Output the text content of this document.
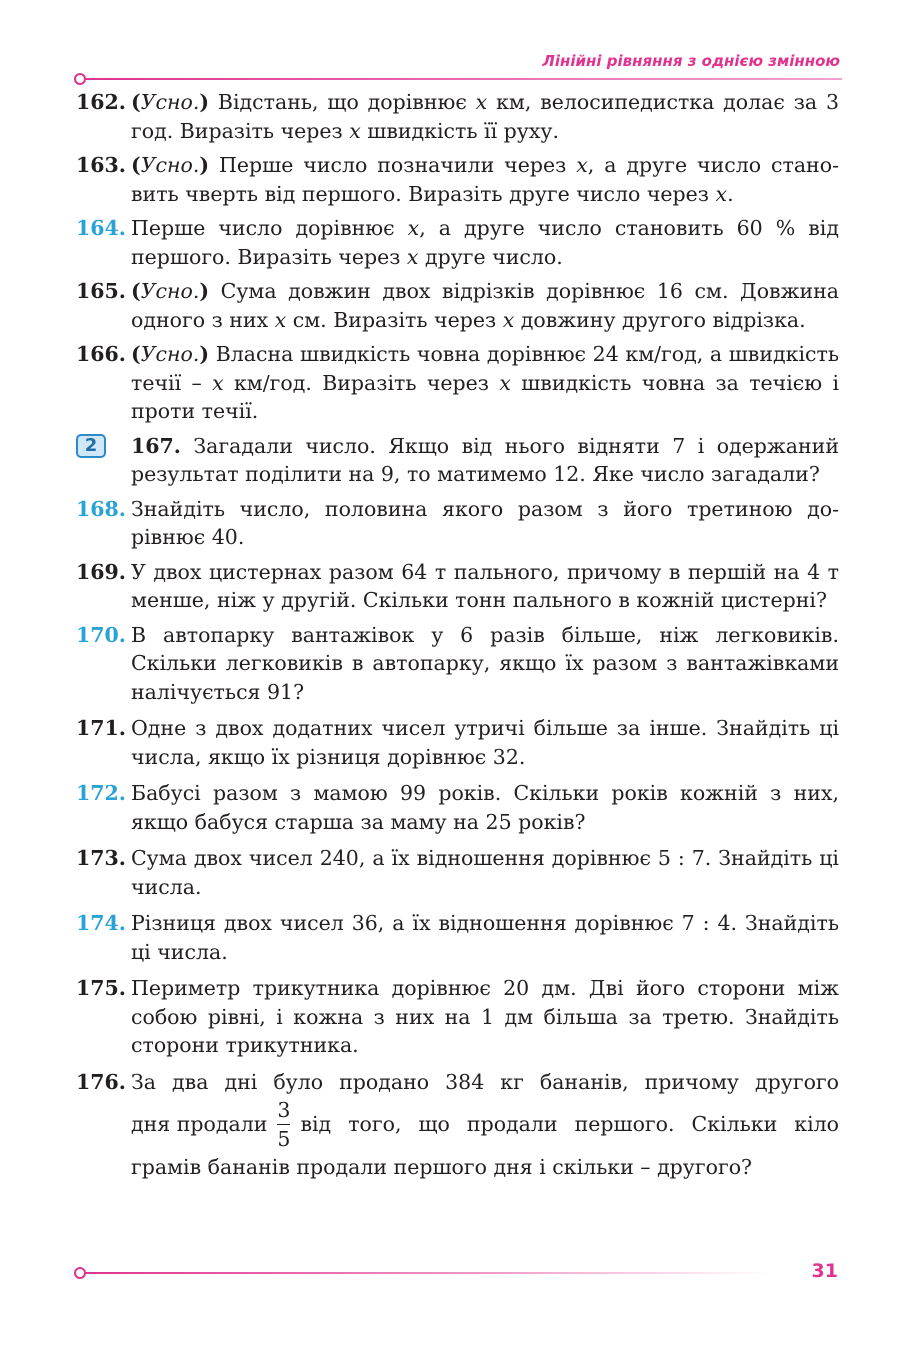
Лінійні рівняння з однією змінною
162. (Усно.) Відстань, що дорівнює x км, велосипедистка долає за 3 год. Виразіть через x швидкість її руху.
163. (Усно.) Перше число позначили через x, а друге число становить чверть від першого. Виразіть друге число через x.
164. Перше число дорівнює x, а друге число становить 60 % від першого. Виразіть через x друге число.
165. (Усно.) Сума довжин двох відрізків дорівнює 16 см. Довжина одного з них x см. Виразіть через x довжину другого відрізка.
166. (Усно.) Власна швидкість човна дорівнює 24 км/год, а швидкість течії – x км/год. Виразіть через x швидкість човна за течією і проти течії.
2	167. Загадали число. Якщо від нього відняти 7 і одержаний результат поділити на 9, то матимемо 12. Яке число загадали?
168. Знайдіть число, половина якого разом з його третиною дорівнює 40.
169. У двох цистернах разом 64 т пального, причому в першій на 4 т менше, ніж у другій. Скільки тонн пального в кожній цистерні?
170. В автопарку вантажівок у 6 разів більше, ніж легковиків. Скільки легковиків в автопарку, якщо їх разом з вантажівками налічується 91?
171. Одне з двох додатних чисел утричі більше за інше. Знайдіть ці числа, якщо їх різниця дорівнює 32.
172. Бабусі разом з мамою 99 років. Скільки років кожній з них, якщо бабуся старша за маму на 25 років?
173. Сума двох чисел 240, а їх відношення дорівнює 5 : 7. Знайдіть ці числа.
174. Різниця двох чисел 36, а їх відношення дорівнює 7 : 4. Знайдіть ці числа.
175. Периметр трикутника дорівнює 20 дм. Дві його сторони між собою рівні, і кожна з них на 1 дм більша за третю. Знайдіть сторони трикутника.
176. За два дні було продано 384 кг бананів, причому другого
дня продали $\frac{3}{5}$ від того, що продали першого. Скільки кіло
грамів бананів продали першого дня і скільки – другого?
31
